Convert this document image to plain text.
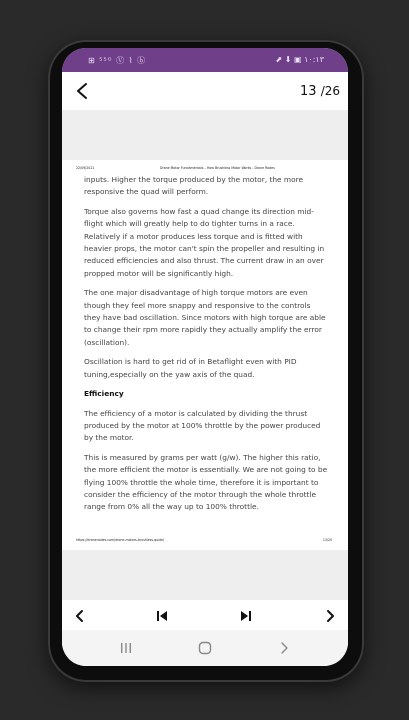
⊞ ⁵⁵ᴳ Ⓥ ⌇ ⓑ	⬈ ⬇ ▣ ١٠:١٣
13 /26
22/09/2021	Drone Motor Fundamentals – How Brushless Motor Works - Drone Rodes

inputs. Higher the torque produced by the motor, the more responsive the quad will perform.

Torque also governs how fast a quad change its direction mid-flight which will greatly help to do tighter turns in a race. Relatively if a motor produces less torque and is fitted with heavier props, the motor can't spin the propeller and resulting in reduced efficiencies and also thrust. The current draw in an over propped motor will be significantly high.

The one major disadvantage of high torque motors are even though they feel more snappy and responsive to the controls they have bad oscillation. Since motors with high torque are able to change their rpm more rapidly they actually amplify the error (oscillation).

Oscillation is hard to get rid of in Betaflight even with PID tuning,especially on the yaw axis of the quad.

Efficiency

The efficiency of a motor is calculated by dividing the thrust produced by the motor at 100% throttle by the power produced by the motor.

This is measured by grams per watt (g/w). The higher this ratio, the more efficient the motor is essentially. We are not going to be flying 100% throttle the whole time, therefore it is important to consider the efficiency of the motor through the whole throttle range from 0% all the way up to 100% throttle.

https://dronenodes.com/drone-motors-brushless-guide/	13/20
